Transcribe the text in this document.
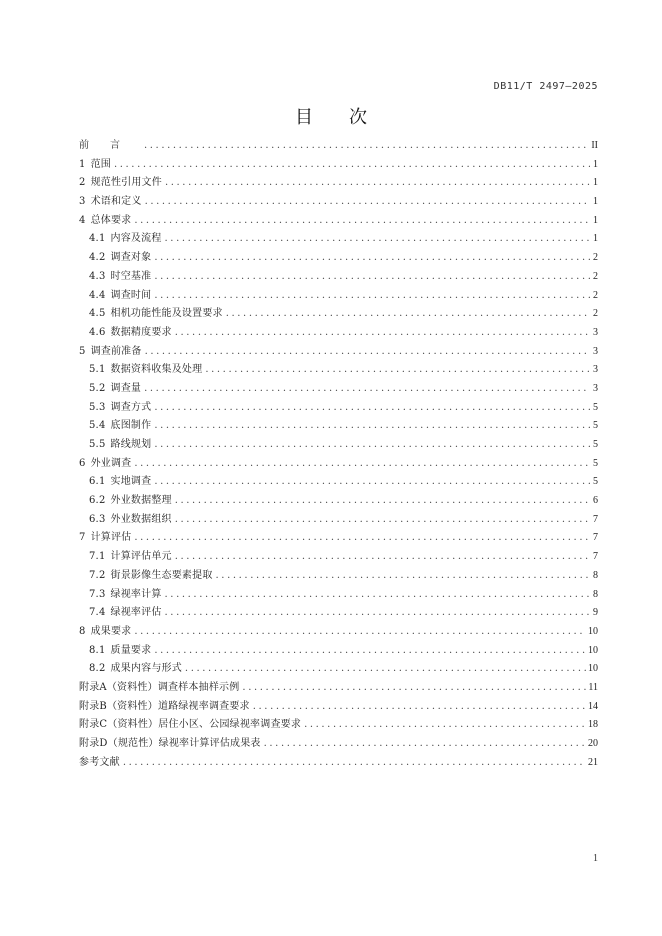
DB11/T 2497—2025
目次
前言 .....	II
1 范围 .....	1
2 规范性引用文件 .....	1
3 术语和定义 .....	1
4 总体要求 .....	1
4.1 内容及流程 .....	1
4.2 调查对象 .....	2
4.3 时空基准 .....	2
4.4 调查时间 .....	2
4.5 相机功能性能及设置要求 .....	2
4.6 数据精度要求 .....	3
5 调查前准备 .....	3
5.1 数据资料收集及处理 .....	3
5.2 调查量 .....	3
5.3 调查方式 .....	5
5.4 底图制作 .....	5
5.5 路线规划 .....	5
6 外业调查 .....	5
6.1 实地调查 .....	5
6.2 外业数据整理 .....	6
6.3 外业数据组织 .....	7
7 计算评估 .....	7
7.1 计算评估单元 .....	7
7.2 街景影像生态要素提取 .....	8
7.3 绿视率计算 .....	8
7.4 绿视率评估 .....	9
8 成果要求 .....	10
8.1 质量要求 .....	10
8.2 成果内容与形式 .....	10
附录A（资料性）调查样本抽样示例 .....	11
附录B（资料性）道路绿视率调查要求 .....	14
附录C（资料性）居住小区、公园绿视率调查要求 .....	18
附录D（规范性）绿视率计算评估成果表 .....	20
参考文献 .....	21
1
